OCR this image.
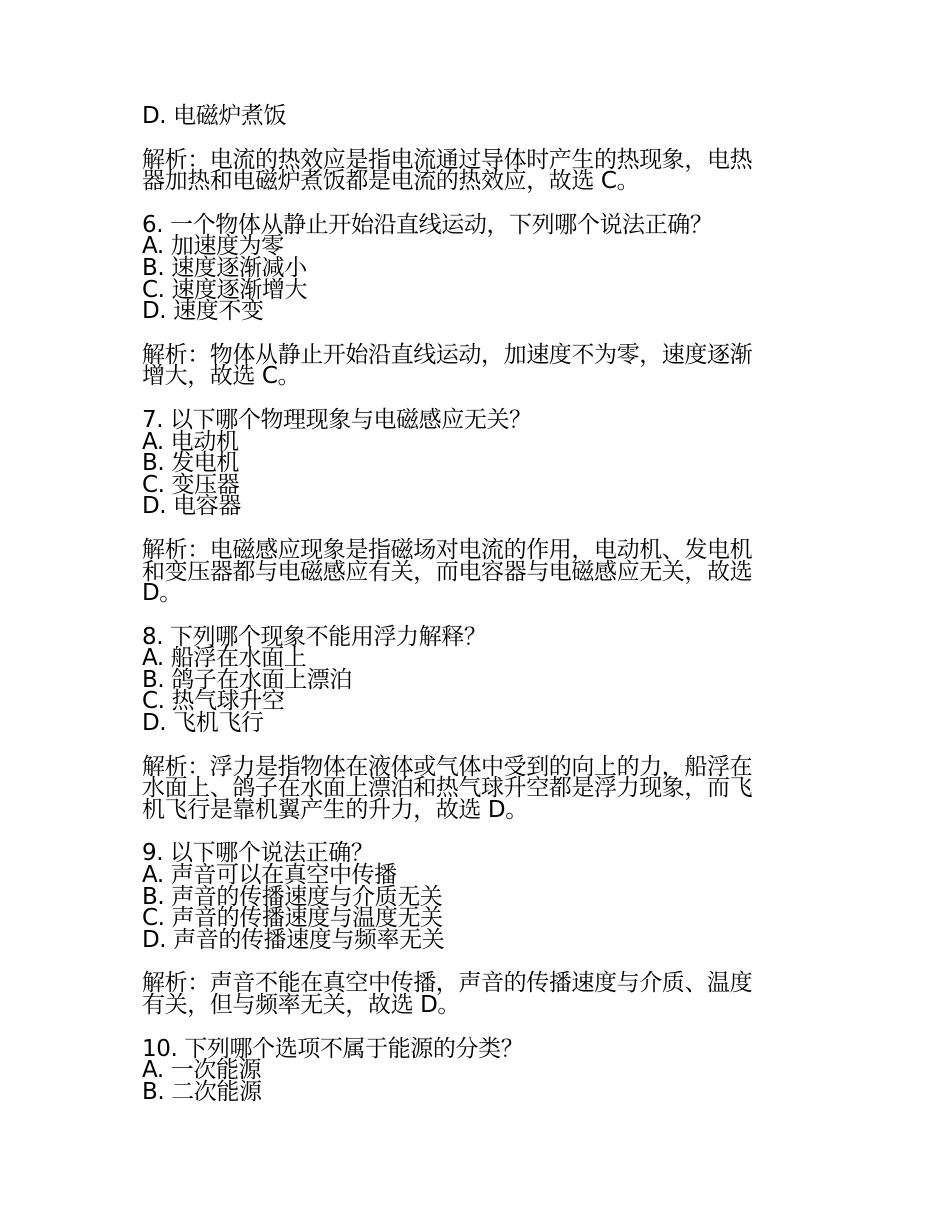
D. 电磁炉煮饭
解析：电流的热效应是指电流通过导体时产生的热现象，电热
器加热和电磁炉煮饭都是电流的热效应，故选 C。
6. 一个物体从静止开始沿直线运动，下列哪个说法正确？
A. 加速度为零
B. 速度逐渐减小
C. 速度逐渐增大
D. 速度不变
解析：物体从静止开始沿直线运动，加速度不为零，速度逐渐
增大，故选 C。
7. 以下哪个物理现象与电磁感应无关？
A. 电动机
B. 发电机
C. 变压器
D. 电容器
解析：电磁感应现象是指磁场对电流的作用，电动机、发电机
和变压器都与电磁感应有关，而电容器与电磁感应无关，故选
D。
8. 下列哪个现象不能用浮力解释？
A. 船浮在水面上
B. 鸽子在水面上漂泊
C. 热气球升空
D. 飞机飞行
解析：浮力是指物体在液体或气体中受到的向上的力，船浮在
水面上、鸽子在水面上漂泊和热气球升空都是浮力现象，而飞
机飞行是靠机翼产生的升力，故选 D。
9. 以下哪个说法正确？
A. 声音可以在真空中传播
B. 声音的传播速度与介质无关
C. 声音的传播速度与温度无关
D. 声音的传播速度与频率无关
解析：声音不能在真空中传播，声音的传播速度与介质、温度
有关，但与频率无关，故选 D。
10. 下列哪个选项不属于能源的分类？
A. 一次能源
B. 二次能源
